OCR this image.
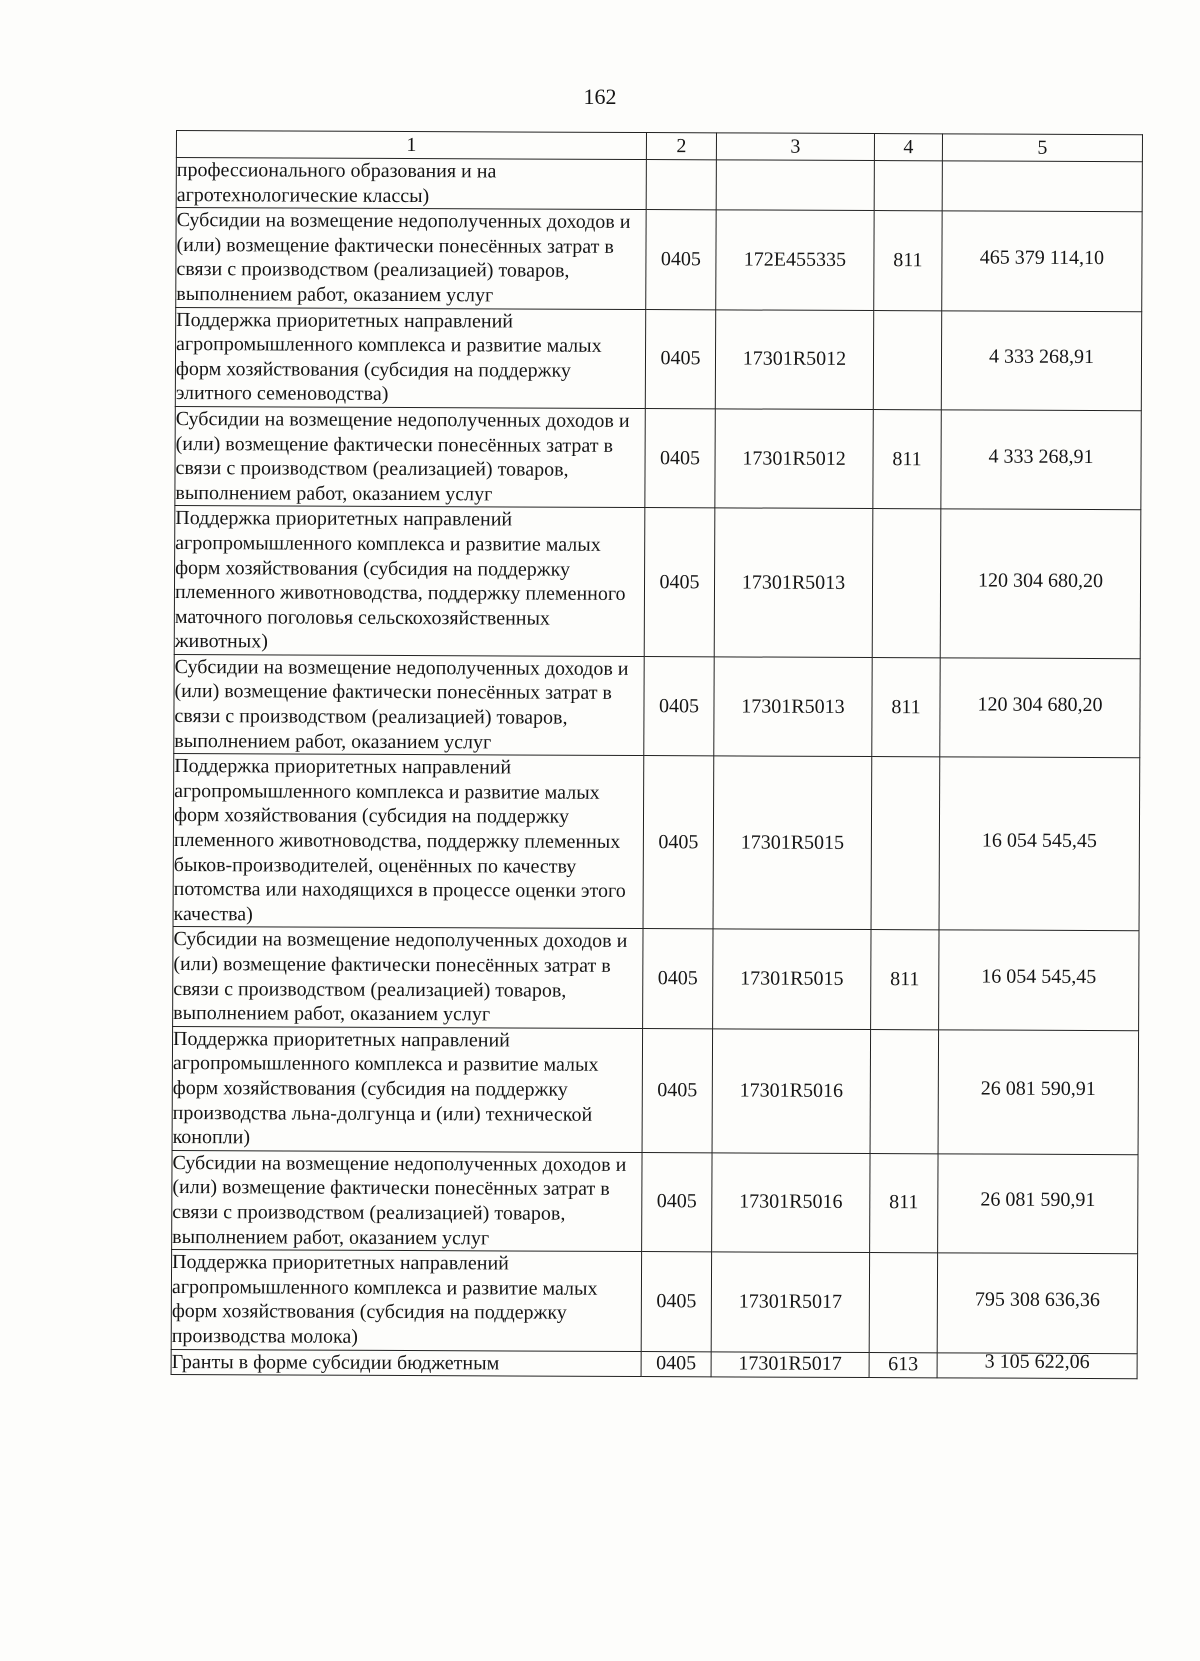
162
1	2	3	4	5
профессионального образования и на агротехнологические классы)				
Субсидии на возмещение недополученных доходов и (или) возмещение фактически понесённых затрат в связи с производством (реализацией) товаров, выполнением работ, оказанием услуг	0405	172E455335	811	465 379 114,10
Поддержка приоритетных направлений агропромышленного комплекса и развитие малых форм хозяйствования (субсидия на поддержку элитного семеноводства)	0405	17301R5012		4 333 268,91
Субсидии на возмещение недополученных доходов и (или) возмещение фактически понесённых затрат в связи с производством (реализацией) товаров, выполнением работ, оказанием услуг	0405	17301R5012	811	4 333 268,91
Поддержка приоритетных направлений агропромышленного комплекса и развитие малых форм хозяйствования (субсидия на поддержку племенного животноводства, поддержку племенного маточного поголовья сельскохозяйственных животных)	0405	17301R5013		120 304 680,20
Субсидии на возмещение недополученных доходов и (или) возмещение фактически понесённых затрат в связи с производством (реализацией) товаров, выполнением работ, оказанием услуг	0405	17301R5013	811	120 304 680,20
Поддержка приоритетных направлений агропромышленного комплекса и развитие малых форм хозяйствования (субсидия на поддержку племенного животноводства, поддержку племенных быков-производителей, оценённых по качеству потомства или находящихся в процессе оценки этого качества)	0405	17301R5015		16 054 545,45
Субсидии на возмещение недополученных доходов и (или) возмещение фактически понесённых затрат в связи с производством (реализацией) товаров, выполнением работ, оказанием услуг	0405	17301R5015	811	16 054 545,45
Поддержка приоритетных направлений агропромышленного комплекса и развитие малых форм хозяйствования (субсидия на поддержку производства льна-долгунца и (или) технической конопли)	0405	17301R5016		26 081 590,91
Субсидии на возмещение недополученных доходов и (или) возмещение фактически понесённых затрат в связи с производством (реализацией) товаров, выполнением работ, оказанием услуг	0405	17301R5016	811	26 081 590,91
Поддержка приоритетных направлений агропромышленного комплекса и развитие малых форм хозяйствования (субсидия на поддержку производства молока)	0405	17301R5017		795 308 636,36
Гранты в форме субсидии бюджетным	0405	17301R5017	613	3 105 622,06
